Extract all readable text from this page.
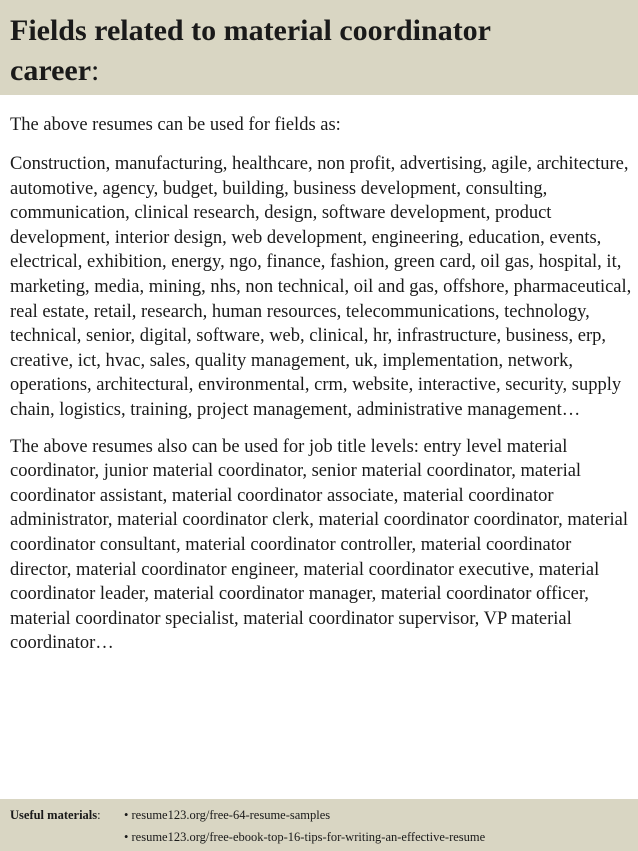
Fields related to material coordinator
career:

The above resumes can be used for fields as:

Construction, manufacturing, healthcare, non profit, advertising, agile, architecture, automotive, agency, budget, building, business development, consulting, communication, clinical research, design, software development, product development, interior design, web development, engineering, education, events, electrical, exhibition, energy, ngo, finance, fashion, green card, oil gas, hospital, it, marketing, media, mining, nhs, non technical, oil and gas, offshore, pharmaceutical, real estate, retail, research, human resources, telecommunications, technology, technical, senior, digital, software, web, clinical, hr, infrastructure, business, erp, creative, ict, hvac, sales, quality management, uk, implementation, network, operations, architectural, environmental, crm, website, interactive, security, supply chain, logistics, training, project management, administrative management…

The above resumes also can be used for job title levels: entry level material coordinator, junior material coordinator, senior material coordinator, material coordinator assistant, material coordinator associate, material coordinator administrator, material coordinator clerk, material coordinator coordinator, material coordinator consultant, material coordinator controller, material coordinator director, material coordinator engineer, material coordinator executive, material coordinator leader, material coordinator manager, material coordinator officer, material coordinator specialist, material coordinator supervisor, VP material coordinator…

Useful materials:	• resume123.org/free-64-resume-samples
• resume123.org/free-ebook-top-16-tips-for-writing-an-effective-resume
